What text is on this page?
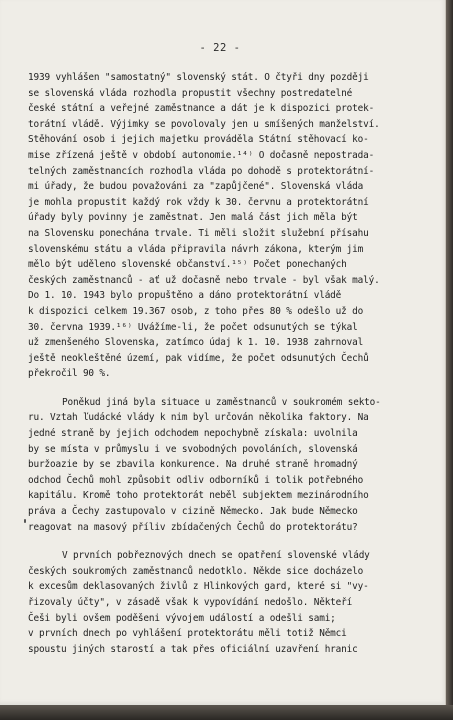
- 22 -
1939 vyhlášen "samostatný" slovenský stát. O čtyři dny později
se slovenská vláda rozhodla propustit všechny postredatelné
české státní a veřejné zaměstnance a dát je k dispozici protek-
torátní vládě. Výjimky se povolovaly jen u smíšených manželství.
Stěhování osob i jejich majetku prováděla Státní stěhovací ko-
mise zřízená ještě v období autonomie.¹⁴⁾ O dočasně nepostrada-
telných zaměstnancích rozhodla vláda po dohodě s protektorátní-
mi úřady, že budou považováni za "zapůjčené". Slovenská vláda
je mohla propustit každý rok vždy k 30. červnu a protektorátní
úřady byly povinny je zaměstnat. Jen malá část jich měla být
na Slovensku ponechána trvale. Ti měli složit služební přísahu
slovenskému státu a vláda připravila návrh zákona, kterým jim
mělo být uděleno slovenské občanství.¹⁵⁾ Počet ponechaných
českých zaměstnanců - ať už dočasně nebo trvale - byl však malý.
Do 1. 10. 1943 bylo propuštěno a dáno protektorátní vládě
k dispozici celkem 19.367 osob, z toho přes 80 % odešlo už do
30. června 1939.¹⁶⁾ Uvážíme-li, že počet odsunutých se týkal
už zmenšeného Slovenska, zatímco údaj k 1. 10. 1938 zahrnoval
ještě neokleštěné území, pak vidíme, že počet odsunutých Čechů
překročil 90 %.
Poněkud jiná byla situace u zaměstnanců v soukromém sekto-
ru. Vztah ľudácké vlády k nim byl určován několika faktory. Na
jedné straně by jejich odchodem nepochybně získala: uvolnila
by se místa v průmyslu i ve svobodných povoláních, slovenská
buržoazie by se zbavila konkurence. Na druhé straně hromadný
odchod Čechů mohl způsobit odliv odborníků i tolik potřebného
kapitálu. Kromě toho protektorát neběl subjektem mezinárodního
práva a Čechy zastupovalo v cizině Německo. Jak bude Německo
reagovat na masový příliv zbídačených Čechů do protektorátu?
V prvních pobřeznových dnech se opatření slovenské vlády
českých soukromých zaměstnanců nedotklo. Někde sice docházelo
k excesům deklasovaných živlů z Hlinkových gard, které si "vy-
řizovaly účty", v zásadě však k vypovídání nedošlo. Někteří
Češi byli ovšem poděšeni vývojem událostí a odešli sami;
v prvních dnech po vyhlášení protektorátu měli totiž Němci
spoustu jiných starostí a tak přes oficiální uzavření hranic
